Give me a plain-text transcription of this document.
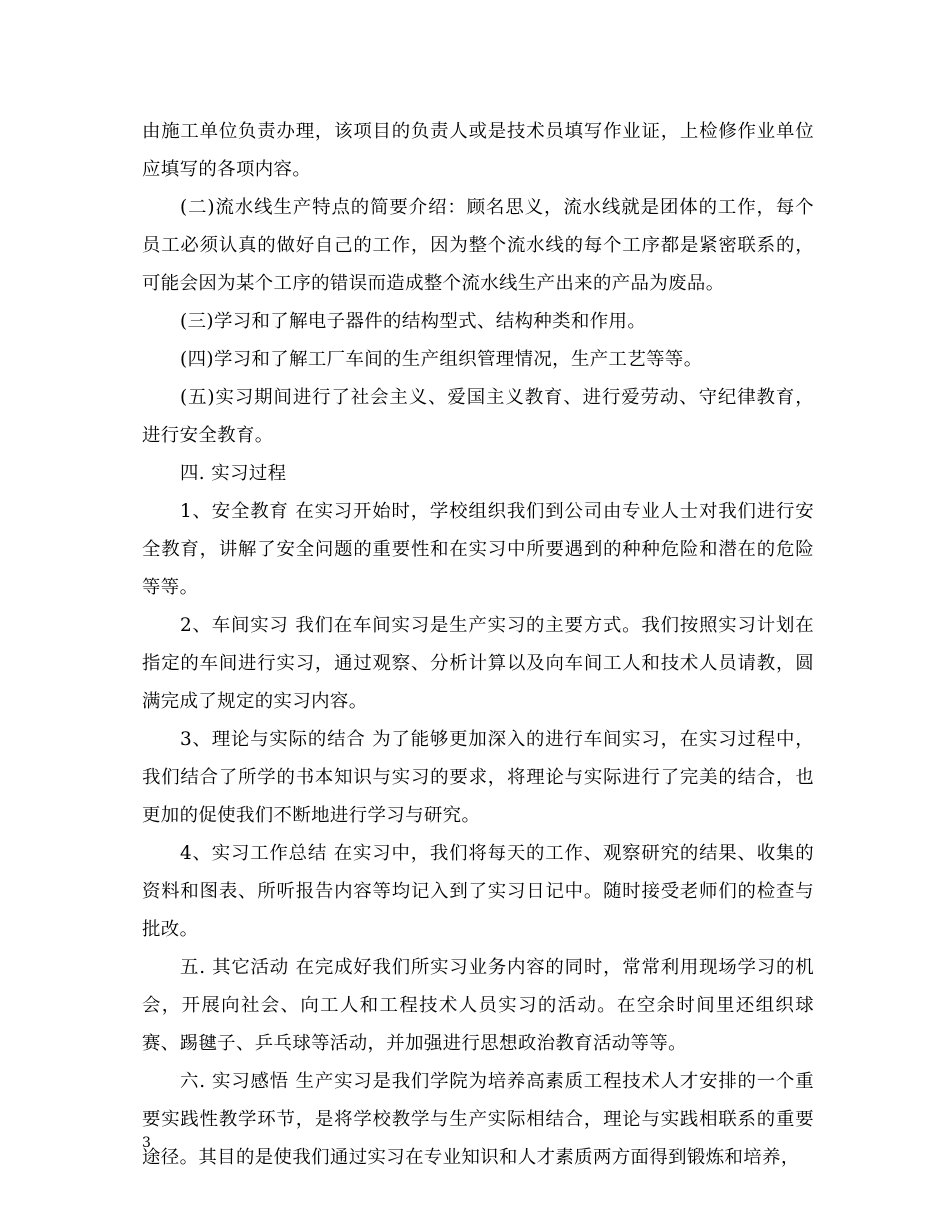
由施工单位负责办理，该项目的负责人或是技术员填写作业证，上检修作业单位应填写的各项内容。

(二)流水线生产特点的简要介绍：顾名思义，流水线就是团体的工作，每个员工必须认真的做好自己的工作，因为整个流水线的每个工序都是紧密联系的，可能会因为某个工序的错误而造成整个流水线生产出来的产品为废品。

(三)学习和了解电子器件的结构型式、结构种类和作用。

(四)学习和了解工厂车间的生产组织管理情况，生产工艺等等。

(五)实习期间进行了社会主义、爱国主义教育、进行爱劳动、守纪律教育，进行安全教育。

四. 实习过程

1、安全教育 在实习开始时，学校组织我们到公司由专业人士对我们进行安全教育，讲解了安全问题的重要性和在实习中所要遇到的种种危险和潜在的危险等等。

2、车间实习 我们在车间实习是生产实习的主要方式。我们按照实习计划在指定的车间进行实习，通过观察、分析计算以及向车间工人和技术人员请教，圆满完成了规定的实习内容。

3、理论与实际的结合 为了能够更加深入的进行车间实习，在实习过程中，我们结合了所学的书本知识与实习的要求，将理论与实际进行了完美的结合，也更加的促使我们不断地进行学习与研究。

4、实习工作总结 在实习中，我们将每天的工作、观察研究的结果、收集的资料和图表、所听报告内容等均记入到了实习日记中。随时接受老师们的检查与批改。

五. 其它活动 在完成好我们所实习业务内容的同时，常常利用现场学习的机会，开展向社会、向工人和工程技术人员实习的活动。在空余时间里还组织球赛、踢毽子、乒乓球等活动，并加强进行思想政治教育活动等等。

六. 实习感悟 生产实习是我们学院为培养高素质工程技术人才安排的一个重要实践性教学环节，是将学校教学与生产实际相结合，理论与实践相联系的重要途径。其目的是使我们通过实习在专业知识和人才素质两方面得到锻炼和培养，

3
